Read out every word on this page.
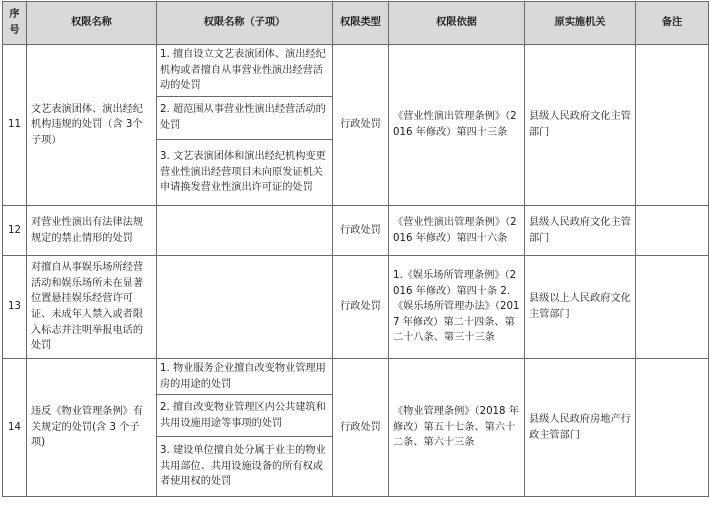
序号	权限名称	权限名称（子项）	权限类型	权限依据	原实施机关	备注
11	文艺表演团体、演出经纪机构违规的处罚（含 3个子项）	1. 擅自设立文艺表演团体、演出经纪机构或者擅自从事营业性演出经营活动的处罚	行政处罚	《营业性演出管理条例》（2016 年修改）第四十三条	县级人民政府文化主管部门	
		2. 超范围从事营业性演出经营活动的处罚				
		3. 文艺表演团体和演出经纪机构变更营业性演出经营项目未向原发证机关申请换发营业性演出许可证的处罚				
12	对营业性演出有法律法规规定的禁止情形的处罚		行政处罚	《营业性演出管理条例》（2016 年修改）第四十六条	县级人民政府文化主管部门	
13	对擅自从事娱乐场所经营活动和娱乐场所未在显著位置悬挂娱乐经营许可证、未成年人禁入或者限入标志并注明举报电话的处罚		行政处罚	1.《娱乐场所管理条例》（2016 年修改）第四十条 2.《娱乐场所管理办法》（2017 年修改）第二十四条、第二十八条、第三十三条	县级以上人民政府文化主管部门	
14	违反《物业管理条例》有关规定的处罚(含 3 个子项)	1. 物业服务企业擅自改变物业管理用房的用途的处罚	行政处罚	《物业管理条例》（2018 年修改）第五十七条、第六十二条、第六十三条	县级人民政府房地产行政主管部门	
		2. 擅自改变物业管理区内公共建筑和共用设施用途等事项的处罚				
		3. 建设单位擅自处分属于业主的物业共用部位、共用设施设备的所有权或者使用权的处罚				
